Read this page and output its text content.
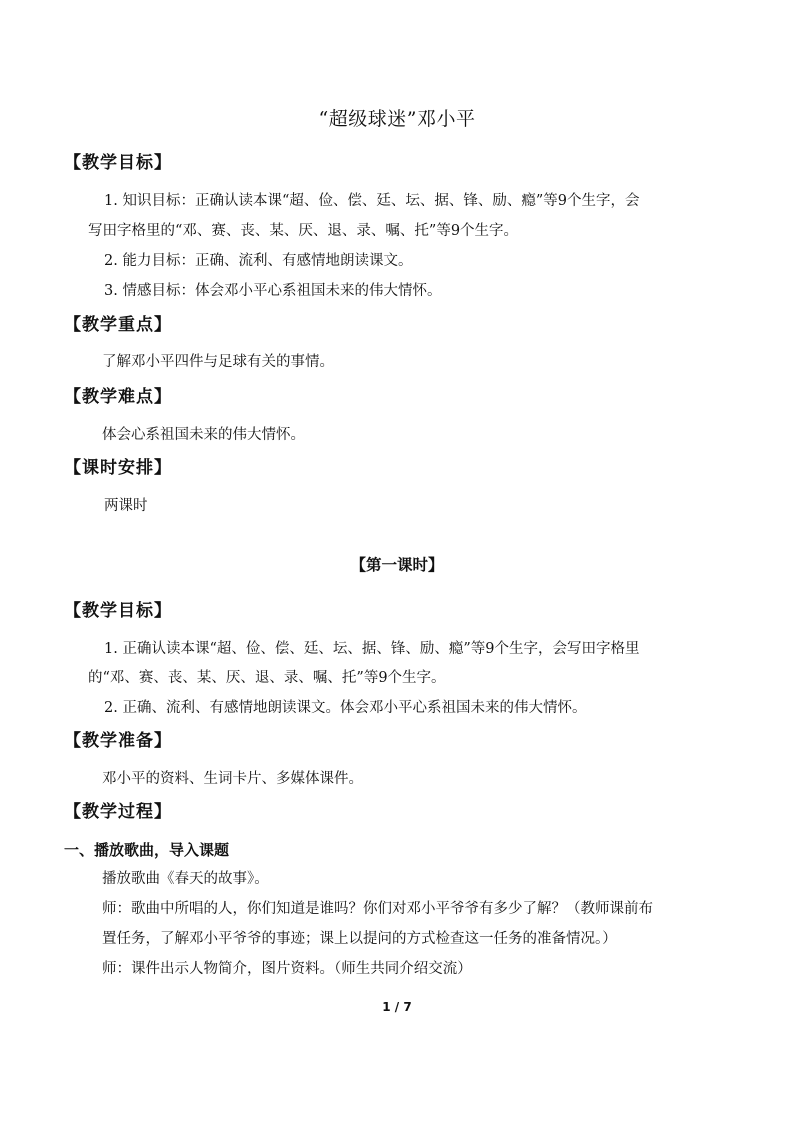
“超级球迷”邓小平
【教学目标】
1. 知识目标：正确认读本课“超、俭、偿、廷、坛、据、锋、励、瘾”等9个生字，会
写田字格里的“邓、赛、丧、某、厌、退、录、嘱、托”等9个生字。
2. 能力目标：正确、流利、有感情地朗读课文。
3. 情感目标：体会邓小平心系祖国未来的伟大情怀。
【教学重点】
了解邓小平四件与足球有关的事情。
【教学难点】
体会心系祖国未来的伟大情怀。
【课时安排】
两课时
【第一课时】
【教学目标】
1. 正确认读本课“超、俭、偿、廷、坛、据、锋、励、瘾”等9个生字，会写田字格里
的“邓、赛、丧、某、厌、退、录、嘱、托”等9个生字。
2. 正确、流利、有感情地朗读课文。体会邓小平心系祖国未来的伟大情怀。
【教学准备】
邓小平的资料、生词卡片、多媒体课件。
【教学过程】
一、播放歌曲，导入课题
播放歌曲《春天的故事》。
师：歌曲中所唱的人，你们知道是谁吗？你们对邓小平爷爷有多少了解？（教师课前布
置任务，了解邓小平爷爷的事迹；课上以提问的方式检查这一任务的准备情况。）
师：课件出示人物简介，图片资料。（师生共同介绍交流）
1 / 7
